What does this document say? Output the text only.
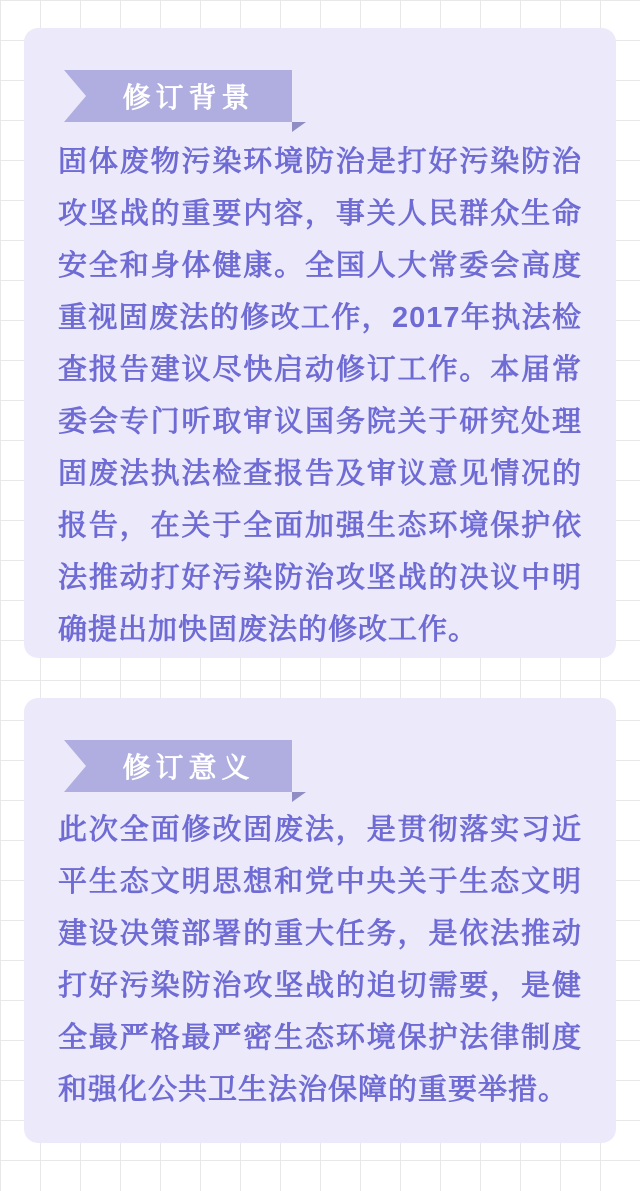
修订背景

固体废物污染环境防治是打好污染防治攻坚战的重要内容，事关人民群众生命安全和身体健康。全国人大常委会高度重视固废法的修改工作，2017年执法检查报告建议尽快启动修订工作。本届常委会专门听取审议国务院关于研究处理固废法执法检查报告及审议意见情况的报告，在关于全面加强生态环境保护依法推动打好污染防治攻坚战的决议中明确提出加快固废法的修改工作。

修订意义

此次全面修改固废法，是贯彻落实习近平生态文明思想和党中央关于生态文明建设决策部署的重大任务，是依法推动打好污染防治攻坚战的迫切需要，是健全最严格最严密生态环境保护法律制度和强化公共卫生法治保障的重要举措。
